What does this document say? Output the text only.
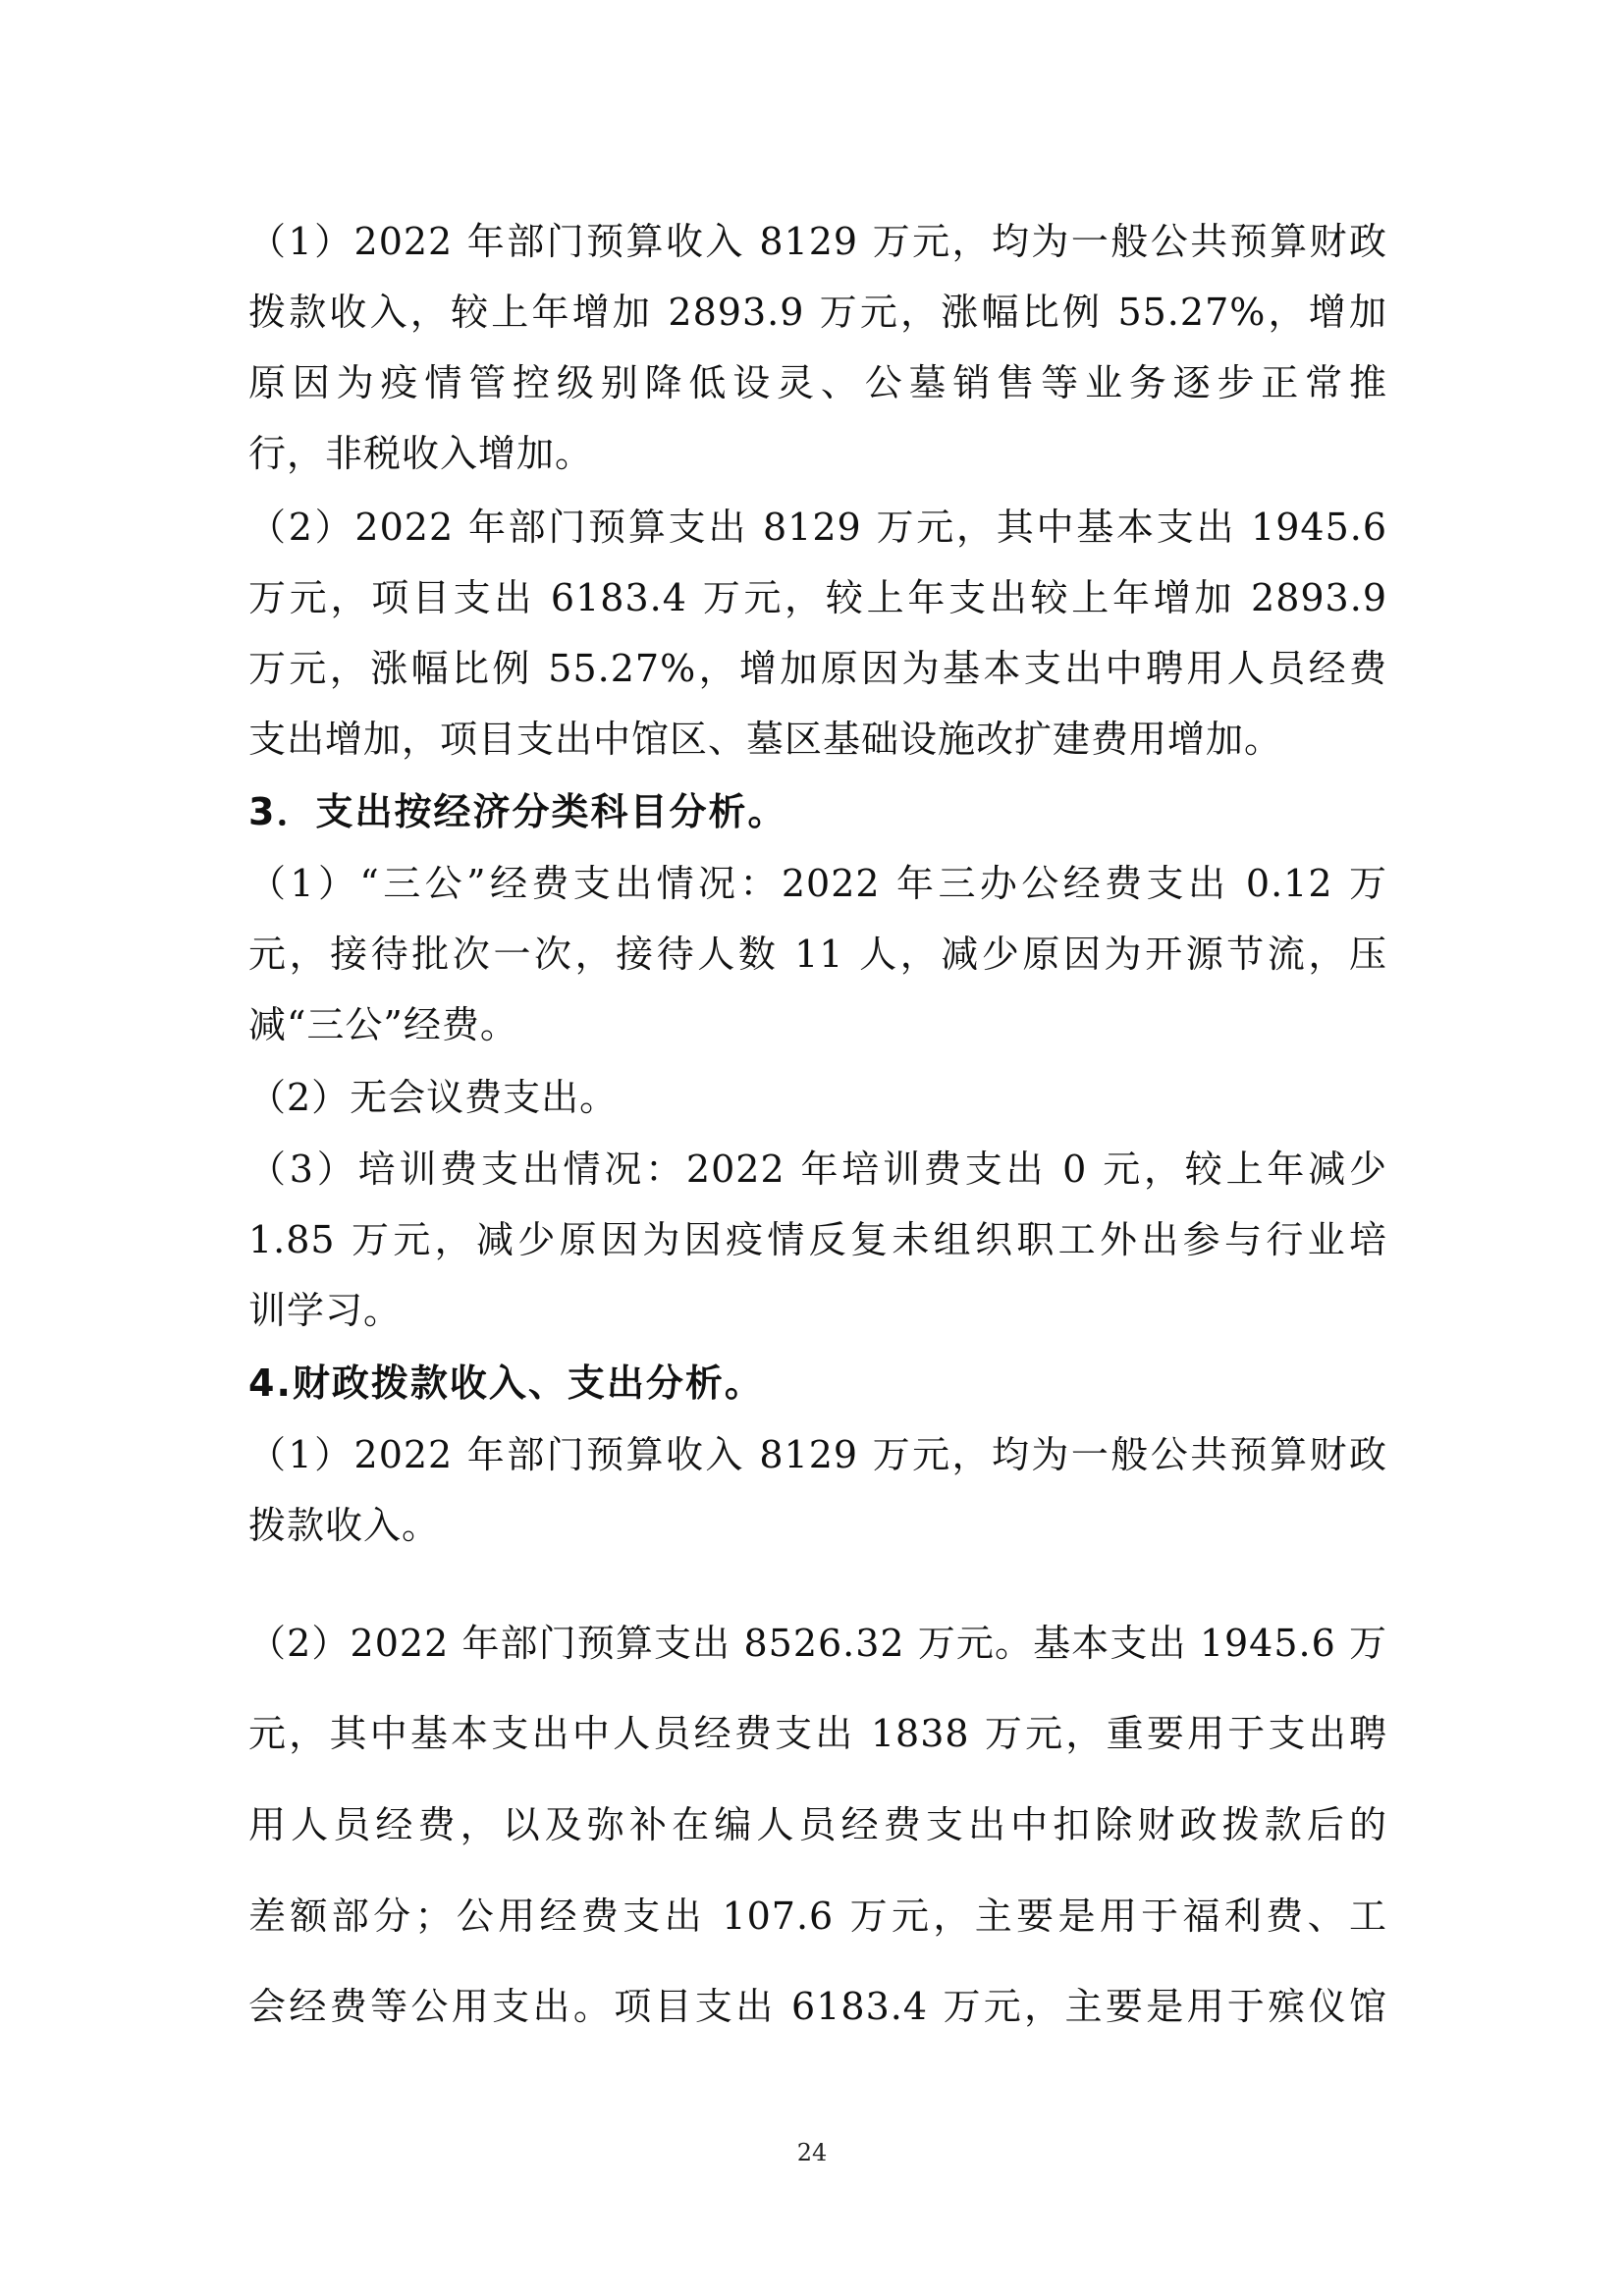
（1）2022 年部门预算收入 8129 万元，均为一般公共预算财政
拨款收入，较上年增加 2893.9 万元，涨幅比例 55.27%，增加
原因为疫情管控级别降低设灵、公墓销售等业务逐步正常推
行，非税收入增加。
（2）2022 年部门预算支出 8129 万元，其中基本支出 1945.6
万元，项目支出 6183.4 万元，较上年支出较上年增加 2893.9
万元，涨幅比例 55.27%，增加原因为基本支出中聘用人员经费
支出增加，项目支出中馆区、墓区基础设施改扩建费用增加。
3．支出按经济分类科目分析。
（1）“三公”经费支出情况：2022 年三办公经费支出 0.12 万
元，接待批次一次，接待人数 11 人，减少原因为开源节流，压
减“三公”经费。
（2）无会议费支出。
（3）培训费支出情况：2022 年培训费支出 0 元，较上年减少
1.85 万元，减少原因为因疫情反复未组织职工外出参与行业培
训学习。
4.财政拨款收入、支出分析。
（1）2022 年部门预算收入 8129 万元，均为一般公共预算财政
拨款收入。
（2）2022 年部门预算支出 8526.32 万元。基本支出 1945.6 万
元，其中基本支出中人员经费支出 1838 万元，重要用于支出聘
用人员经费，以及弥补在编人员经费支出中扣除财政拨款后的
差额部分；公用经费支出 107.6 万元，主要是用于福利费、工
会经费等公用支出。项目支出 6183.4 万元，主要是用于殡仪馆
24
